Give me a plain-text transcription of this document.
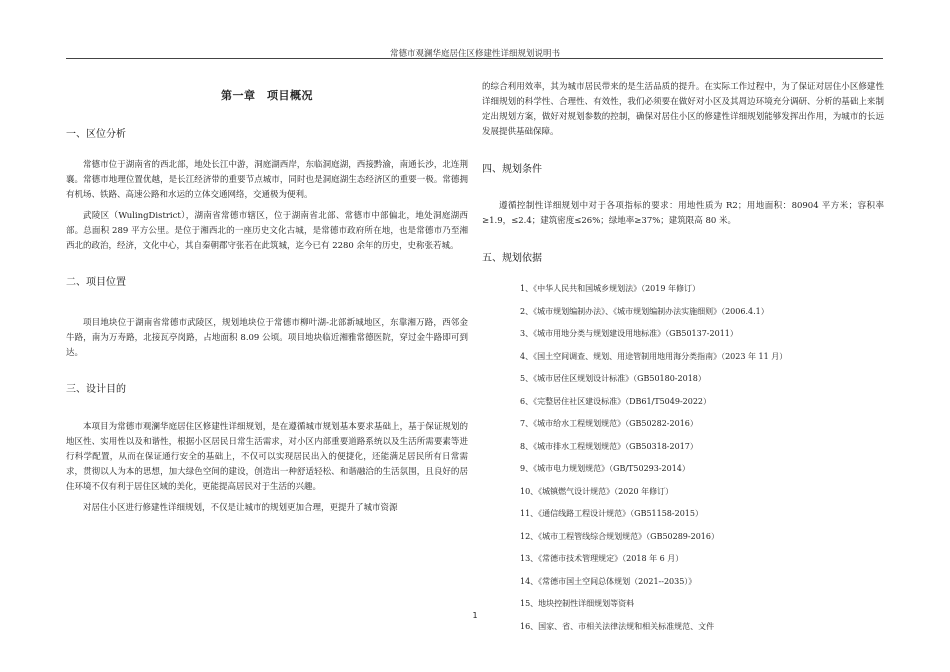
常德市观澜华庭居住区修建性详细规划说明书
第一章　项目概况
一、区位分析

常德市位于湖南省的西北部，地处长江中游，洞庭湖西岸，东临洞庭湖，西接黔渝，南通长沙，北连荆襄。常德市地理位置优越，是长江经济带的重要节点城市，同时也是洞庭湖生态经济区的重要一极。常德拥有机场、铁路、高速公路和水运的立体交通网络，交通极为便利。

武陵区（WulingDistrict），湖南省常德市辖区，位于湖南省北部、常德市中部偏北，地处洞庭湖西部。总面积 289 平方公里。是位于湘西北的一座历史文化古城，是常德市政府所在地，也是常德市乃至湘西北的政治，经济，文化中心，其自秦朝郡守张若在此筑城，迄今已有 2280 余年的历史，史称张若城。

二、项目位置

项目地块位于湖南省常德市武陵区，规划地块位于常德市柳叶湖-北部新城地区，东靠湘万路，西邻金牛路，南为万寿路，北接瓦亭岗路，占地面积 8.09 公顷。项目地块临近湘雅常德医院，穿过金牛路即可到达。

三、设计目的

本项目为常德市观澜华庭居住区修建性详细规划，是在遵循城市规划基本要求基础上，基于保证规划的地区性、实用性以及和谐性，根据小区居民日常生活需求，对小区内部重要道路系统以及生活所需要素等进行科学配置，从而在保证通行安全的基础上，不仅可以实现居民出入的便捷化，还能满足居民所有日常需求，贯彻以人为本的思想，加大绿色空间的建设，创造出一种舒适轻松、和谐融洽的生活氛围，且良好的居住环境不仅有利于居住区域的美化，更能提高居民对于生活的兴趣。

对居住小区进行修建性详细规划，不仅是让城市的规划更加合理，更提升了城市资源

的综合利用效率，其为城市居民带来的是生活品质的提升。在实际工作过程中，为了保证对居住小区修建性详细规划的科学性、合理性、有效性，我们必须要在做好对小区及其周边环境充分调研、分析的基础上来制定出规划方案，做好对规划参数的控制，确保对居住小区的修建性详细规划能够发挥出作用，为城市的长远发展提供基础保障。

四、规划条件

遵循控制性详细规划中对于各项指标的要求：用地性质为 R2；用地面积：80904 平方米；容积率≥1.9，≤2.4；建筑密度≤26%；绿地率≥37%；建筑限高 80 米。

五、规划依据
1、《中华人民共和国城乡规划法》（2019 年修订）
2、《城市规划编制办法》、《城市规划编制办法实施细则》（2006.4.1）
3、《城市用地分类与规划建设用地标准》（GB50137-2011）
4、《国土空间调查、规划、用途管制用地用海分类指南》（2023 年 11 月）
5、《城市居住区规划设计标准》（GB50180-2018）
6、《完整居住社区建设标准》（DB61/T5049-2022）
7、《城市给水工程规划规范》（GB50282-2016）
8、《城市排水工程规划规范》（GB50318-2017）
9、《城市电力规划规范》（GB/T50293-2014）
10、《城镇燃气设计规范》（2020 年修订）
11、《通信线路工程设计规范》（GB51158-2015）
12、《城市工程管线综合规划规范》（GB50289-2016）
13、《常德市技术管理规定》（2018 年 6 月）
14、《常德市国土空间总体规划（2021--2035）》
15、地块控制性详细规划等资料
16、国家、省、市相关法律法规和相关标准规范、文件
1
